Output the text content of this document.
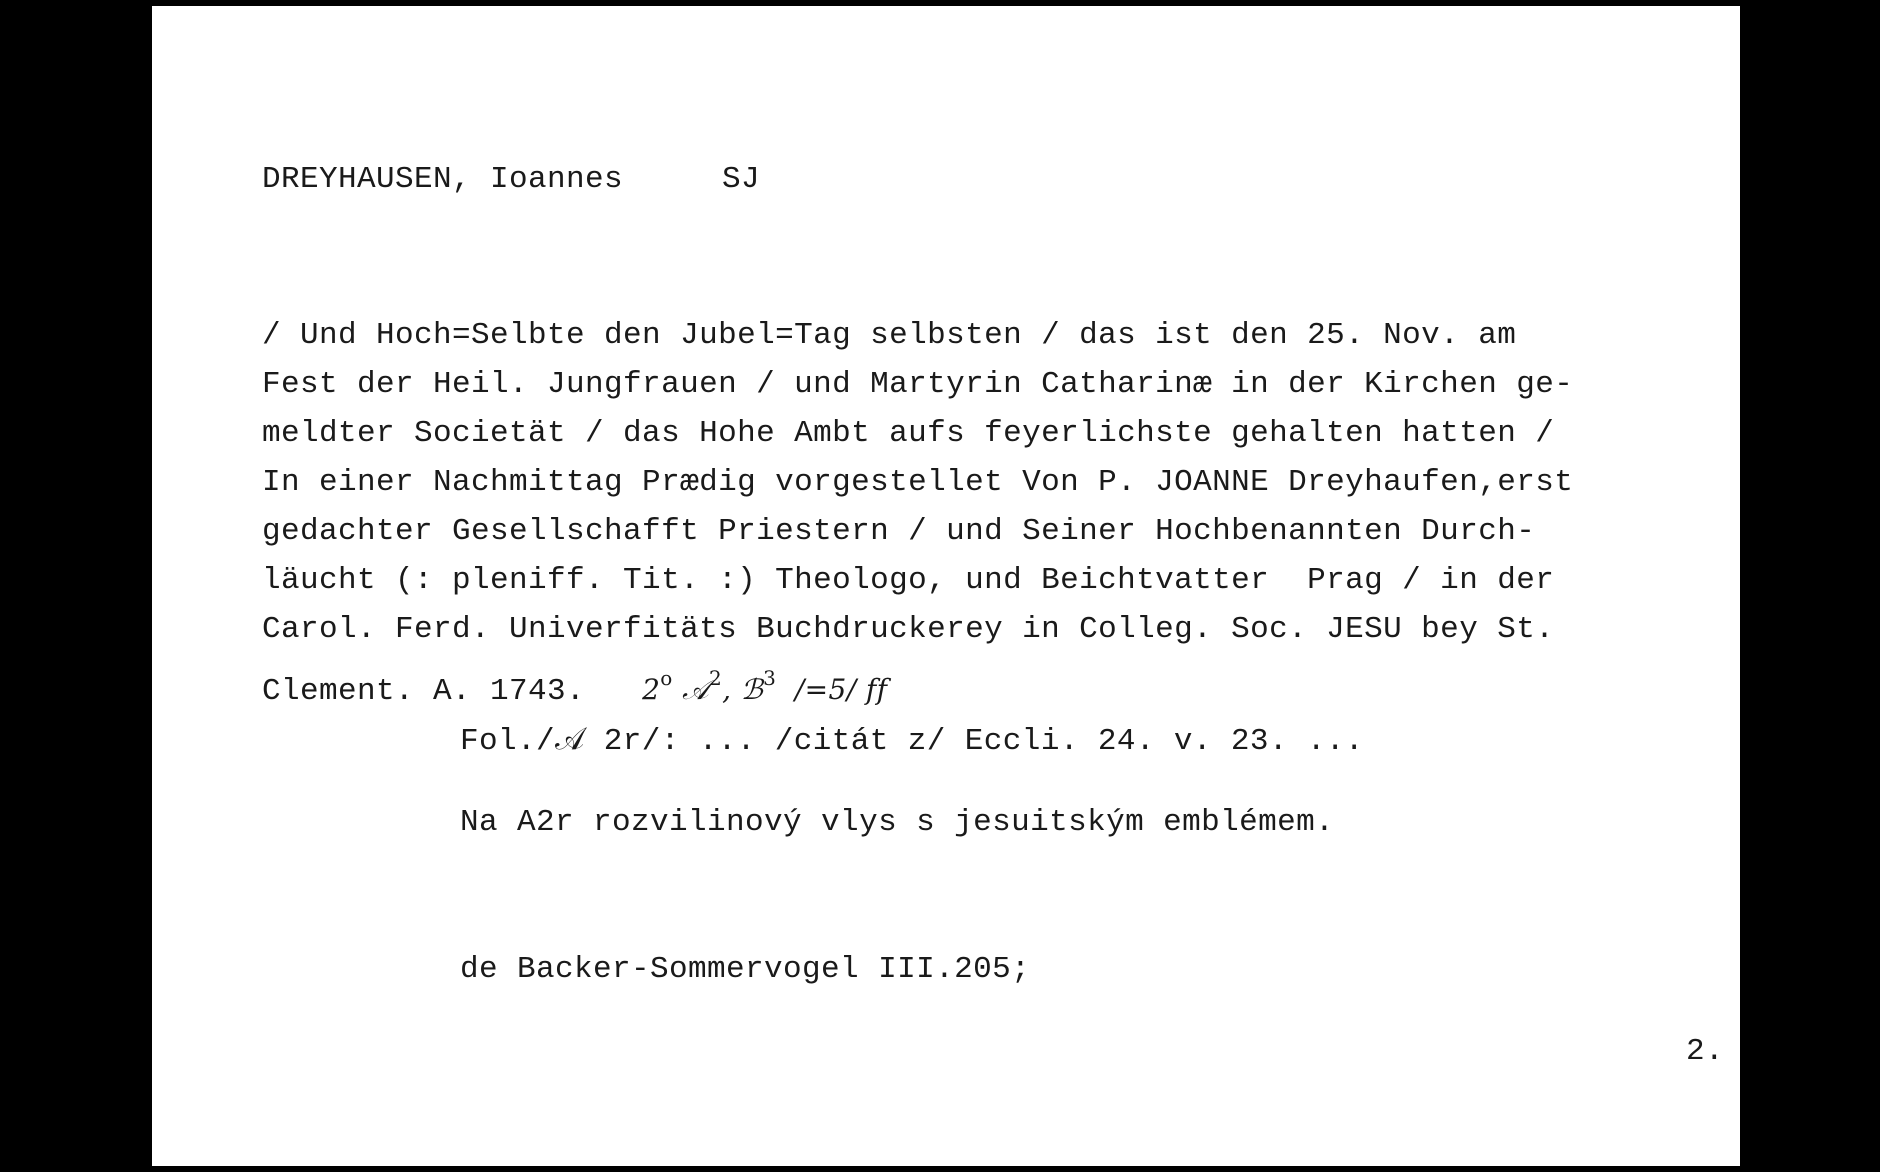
DREYHAUSEN, Ioannes	SJ
/ Und Hoch=Selbte den Jubel=Tag selbsten / das ist den 25. Nov. am
Fest der Heil. Jungfrauen / und Martyrin Catharinæ in der Kirchen ge-
meldter Societät / das Hohe Ambt aufs feyerlichste gehalten hatten /
In einer Nachmittag Prædig vorgestellet Von P. JOANNE Dreyhaufen,erst
gedachter Gesellschafft Priestern / und Seiner Hochbenannten Durch-
läucht (: pleniff. Tit. :) Theologo, und Beichtvatter  Prag / in der
Carol. Ferd. Univerfitäts Buchdruckerey in Colleg. Soc. JESU bey St.
Clement. A. 1743. 2$^o$ 𝒜$^2$, ℬ$^3$ /=5/ ff
Fol./𝒜 2r/: ... /citát z/ Eccli. 24. v. 23. ...
Na A2r rozvilinový vlys s jesuitským emblémem.
de Backer-Sommervogel III.205;
2.
